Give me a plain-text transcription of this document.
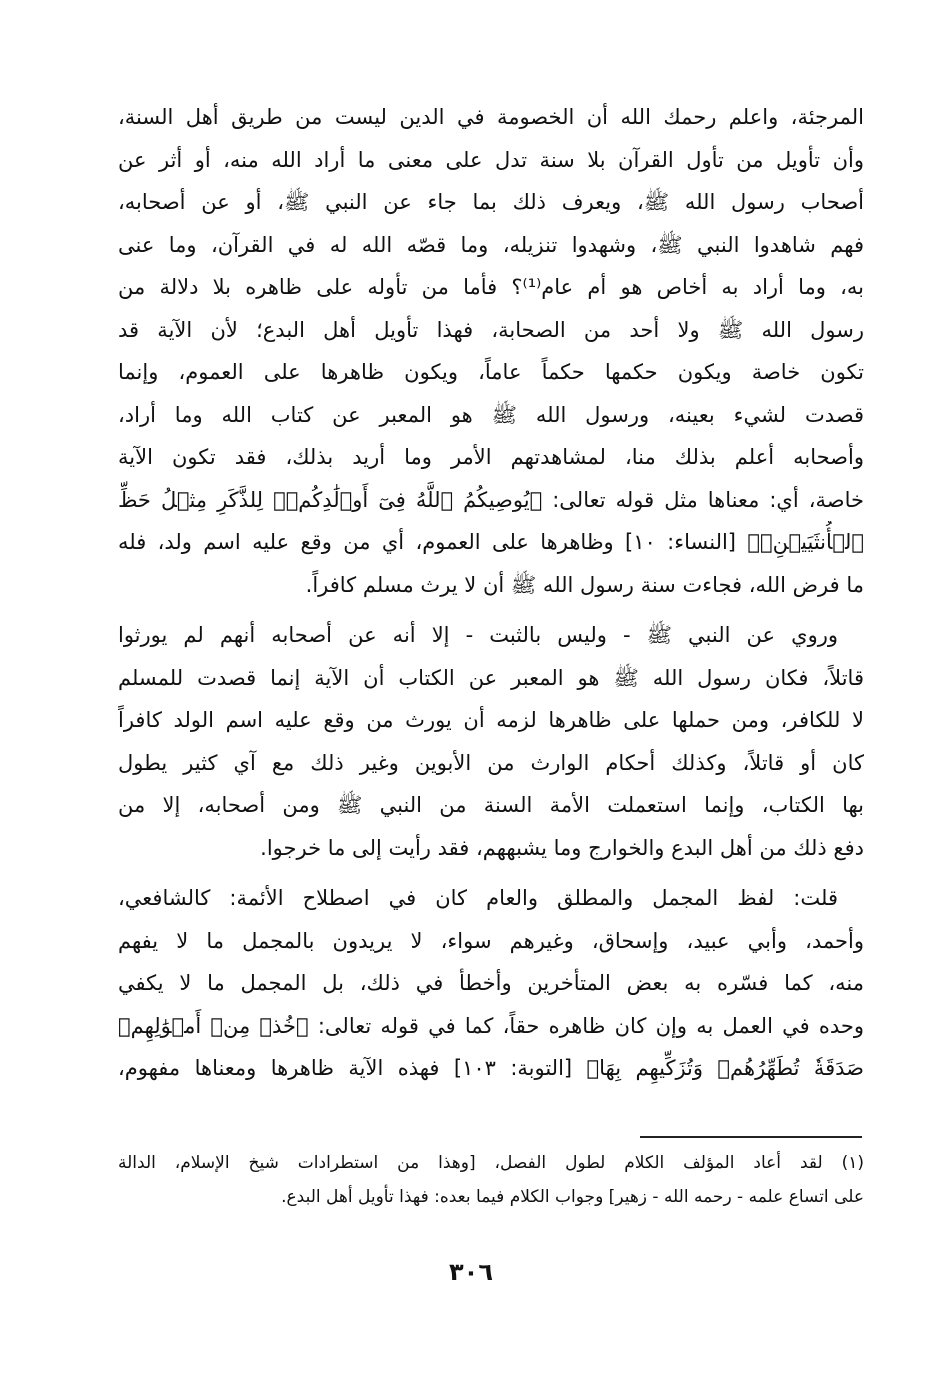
المرجئة، واعلم رحمك الله أن الخصومة في الدين ليست من طريق أهل السنة،
وأن تأويل من تأول القرآن بلا سنة تدل على معنى ما أراد الله منه، أو أثر عن
أصحاب رسول الله ﷺ، ويعرف ذلك بما جاء عن النبي ﷺ، أو عن أصحابه،
فهم شاهدوا النبي ﷺ، وشهدوا تنزيله، وما قصّه الله له في القرآن، وما عنى
به، وما أراد به أخاص هو أم عام⁽¹⁾؟ فأما من تأوله على ظاهره بلا دلالة من
رسول الله ﷺ ولا أحد من الصحابة، فهذا تأويل أهل البدع؛ لأن الآية قد
تكون خاصة ويكون حكمها حكماً عاماً، ويكون ظاهرها على العموم، وإنما
قصدت لشيء بعينه، ورسول الله ﷺ هو المعبر عن كتاب الله وما أراد،
وأصحابه أعلم بذلك منا، لمشاهدتهم الأمر وما أريد بذلك، فقد تكون الآية
خاصة، أي: معناها مثل قوله تعالى: ﴿يُوصِيكُمُ ٱللَّهُ فِىٓ أَوۡلَٰدِكُمۡۖ لِلذَّكَرِ مِثۡلُ حَظِّ
ٱلۡأُنثَيَيۡنِۚ﴾ [النساء: ١٠] وظاهرها على العموم، أي من وقع عليه اسم ولد، فله
ما فرض الله، فجاءت سنة رسول الله ﷺ أن لا يرث مسلم كافراً.
وروي عن النبي ﷺ - وليس بالثبت - إلا أنه عن أصحابه أنهم لم يورثوا
قاتلاً، فكان رسول الله ﷺ هو المعبر عن الكتاب أن الآية إنما قصدت للمسلم
لا للكافر، ومن حملها على ظاهرها لزمه أن يورث من وقع عليه اسم الولد كافراً
كان أو قاتلاً، وكذلك أحكام الوارث من الأبوين وغير ذلك مع آي كثير يطول
بها الكتاب، وإنما استعملت الأمة السنة من النبي ﷺ ومن أصحابه، إلا من
دفع ذلك من أهل البدع والخوارج وما يشبههم، فقد رأيت إلى ما خرجوا.
قلت: لفظ المجمل والمطلق والعام كان في اصطلاح الأئمة: كالشافعي،
وأحمد، وأبي عبيد، وإسحاق، وغيرهم سواء، لا يريدون بالمجمل ما لا يفهم
منه، كما فسّره به بعض المتأخرين وأخطأ في ذلك، بل المجمل ما لا يكفي
وحده في العمل به وإن كان ظاهره حقاً، كما في قوله تعالى: ﴿خُذۡ مِنۡ أَمۡوَٰلِهِمۡ
صَدَقَةٗ تُطَهِّرُهُمۡ وَتُزَكِّيهِم بِهَا﴾ [التوبة: ١٠٣] فهذه الآية ظاهرها ومعناها مفهوم،
(١) لقد أعاد المؤلف الكلام لطول الفصل، [وهذا من استطرادات شيخ الإسلام، الدالة
على اتساع علمه - رحمه الله - زهير] وجواب الكلام فيما بعده: فهذا تأويل أهل البدع.
٣٠٦
